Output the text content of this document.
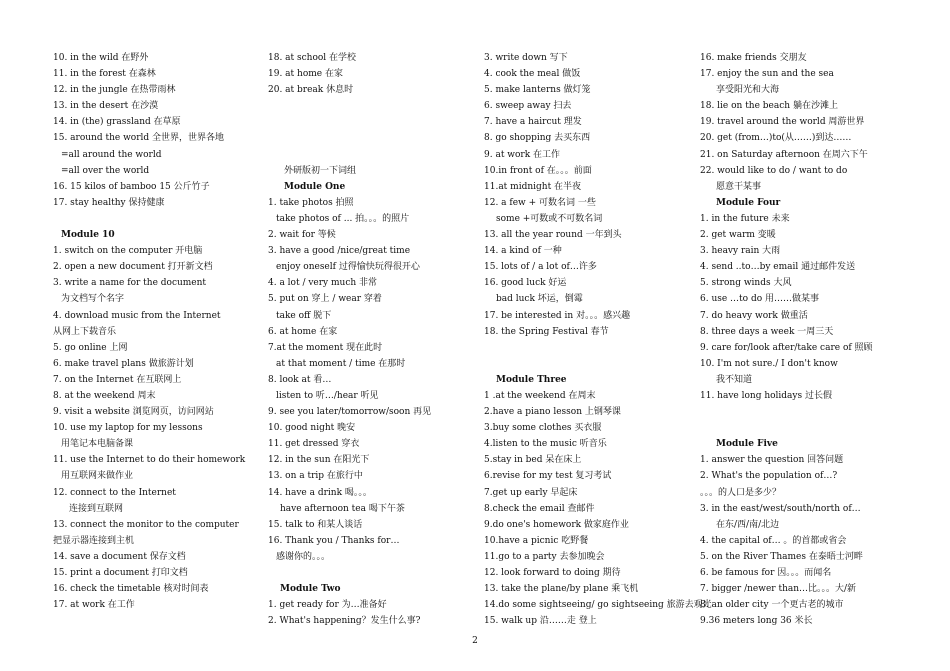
10. in the wild 在野外
11. in the forest 在森林
12. in the jungle 在热带雨林
13. in the desert 在沙漠
14. in (the) grassland 在草原
15. around the world 全世界，世界各地
=all around the world
=all over the world
16. 15 kilos of bamboo 15 公斤竹子
17. stay healthy 保持健康
Module 10
1. switch on the computer 开电脑
2. open a new document 打开新文档
3. write a name for the document
为文档写个名字
4. download music from the Internet
从网上下载音乐
5. go online 上网
6. make travel plans 做旅游计划
7. on the Internet 在互联网上
8. at the weekend 周末
9. visit a website 浏览网页，访问网站
10. use my laptop for my lessons
用笔记本电脑备课
11. use the Internet to do their homework
用互联网来做作业
12. connect to the Internet
连接到互联网
13. connect the monitor to the computer
把显示器连接到主机
14. save a document 保存文档
15. print a document 打印文档
16. check the timetable 核对时间表
17. at work 在工作
18. at school 在学校
19. at home 在家
20. at break 休息时
外研版初一下词组
Module One
1. take photos 拍照
take photos of ... 拍。。。的照片
2. wait for 等候
3. have a good /nice/great time
enjoy oneself 过得愉快玩得很开心
4. a lot / very much 非常
5. put on 穿上 / wear 穿着
take off 脱下
6. at home 在家
7.at the moment 现在此时
at that moment / time 在那时
8. look at 看…
listen to 听…/hear 听见
9. see you later/tomorrow/soon 再见
10. good night 晚安
11. get dressed 穿衣
12. in the sun 在阳光下
13. on a trip 在旅行中
14. have a drink 喝。。。
have afternoon tea 喝下午茶
15. talk to 和某人谈话
16. Thank you / Thanks for…
感谢你的。。。
Module Two
1. get ready for 为…准备好
2. What's happening？发生什么事?
3. write down 写下
4. cook the meal 做饭
5. make lanterns 做灯笼
6. sweep away 扫去
7. have a haircut 理发
8. go shopping 去买东西
9. at work 在工作
10.in front of 在。。。前面
11.at midnight 在半夜
12. a few + 可数名词 一些
some +可数或不可数名词
13. all the year round 一年到头
14. a kind of 一种
15. lots of / a lot of…许多
16. good luck 好运
bad luck 坏运，倒霉
17. be interested in 对。。。感兴趣
18. the Spring Festival 春节
Module Three
1 .at the weekend 在周末
2.have a piano lesson 上钢琴课
3.buy some clothes 买衣服
4.listen to the music 听音乐
5.stay in bed 呆在床上
6.revise for my test 复习考试
7.get up early 早起床
8.check the email 查邮件
9.do one's homework 做家庭作业
10.have a picnic 吃野餐
11.go to a party 去参加晚会
12. look forward to doing 期待
13. take the plane/by plane 乘飞机
14.do some sightseeing/ go sightseeing 旅游去观光
15. walk up 沿……走 登上
16. make friends 交朋友
17. enjoy the sun and the sea
享受阳光和大海
18. lie on the beach 躺在沙滩上
19. travel around the world 周游世界
20. get (from…)to(从……)到达……
21. on Saturday afternoon 在周六下午
22. would like to do / want to do
愿意干某事
Module Four
1. in the future 未来
2. get warm 变暖
3. heavy rain 大雨
4. send ..to…by email 通过邮件发送
5. strong winds 大风
6. use …to do 用……做某事
7. do heavy work 做重活
8. three days a week 一周三天
9. care for/look after/take care of 照顾
10. I'm not sure./ I don't know
我不知道
11. have long holidays 过长假
Module Five
1. answer the question 回答问题
2. What's the population of…?
。。。的人口是多少？
3. in the east/west/south/north of…
在东/西/南/北边
4. the capital of… 。的首都或省会
5. on the River Thames 在泰晤士河畔
6. be famous for 因。。。而闻名
7. bigger /newer than…比。。。大/新
8. an older city 一个更古老的城市
9.36 meters long 36 米长
2
